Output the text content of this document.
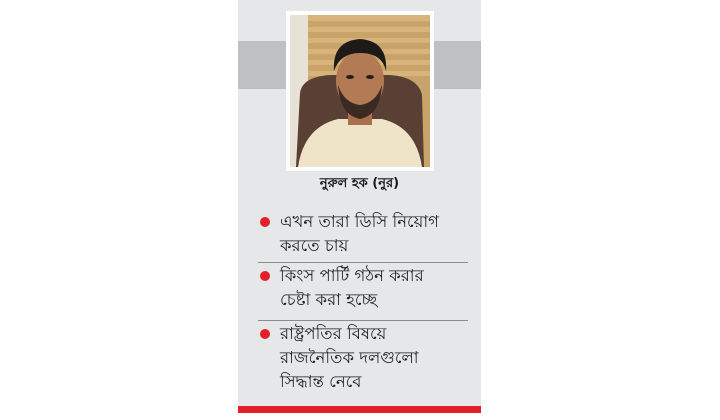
নুরুল হক (নুর)
এখন তারা ডিসি নিয়োগ
করতে চায়
কিংস পার্টি গঠন করার
চেষ্টা করা হচ্ছে
রাষ্ট্রপতির বিষয়ে
রাজনৈতিক দলগুলো
সিদ্ধান্ত নেবে
